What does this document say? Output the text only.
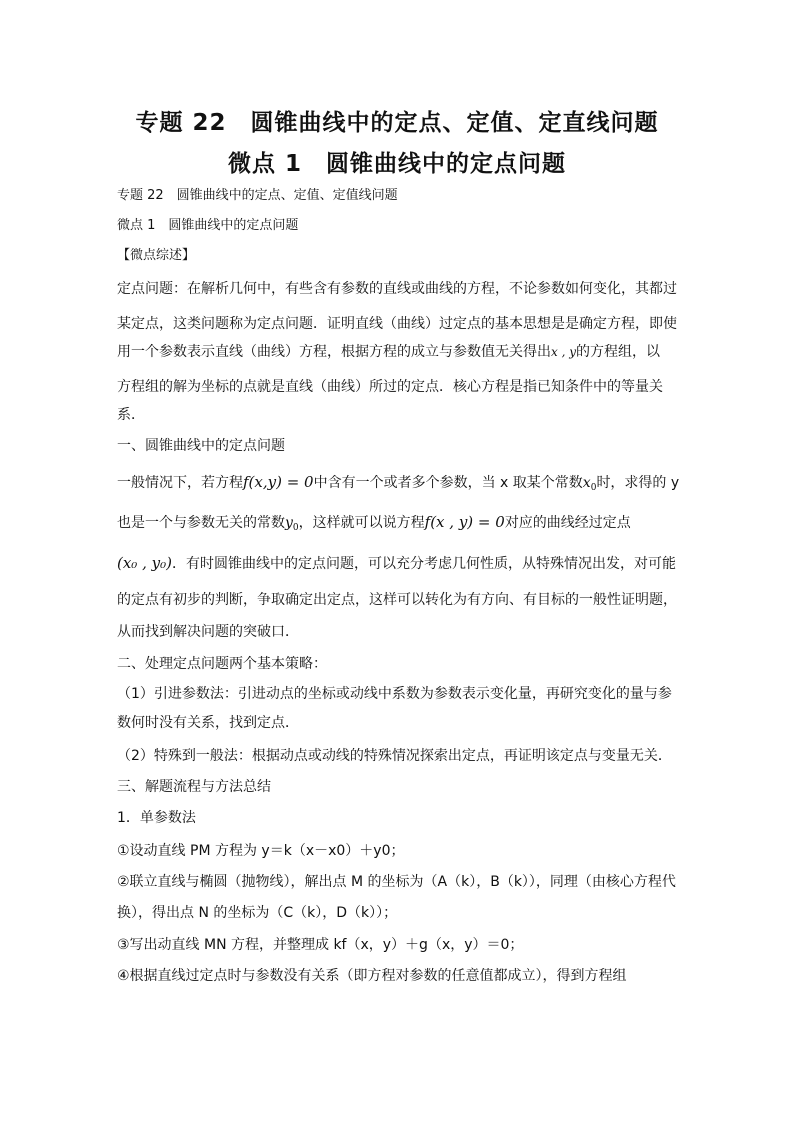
专题 22　圆锥曲线中的定点、定值、定直线问题
微点 1　圆锥曲线中的定点问题
专题 22　圆锥曲线中的定点、定值、定值线问题
微点 1　圆锥曲线中的定点问题
【微点综述】
定点问题：在解析几何中，有些含有参数的直线或曲线的方程，不论参数如何变化，其都过
某定点，这类问题称为定点问题．证明直线（曲线）过定点的基本思想是是确定方程，即使
用一个参数表示直线（曲线）方程，根据方程的成立与参数值无关得出x , y的方程组，以
方程组的解为坐标的点就是直线（曲线）所过的定点．核心方程是指已知条件中的等量关
系．
一、圆锥曲线中的定点问题
一般情况下，若方程f(x,y) = 0中含有一个或者多个参数，当 x 取某个常数$x_0$时，求得的 y
也是一个与参数无关的常数$y_0$，这样就可以说方程f(x , y) = 0对应的曲线经过定点
(x₀ , y₀)．有时圆锥曲线中的定点问题，可以充分考虑几何性质，从特殊情况出发，对可能
的定点有初步的判断，争取确定出定点，这样可以转化为有方向、有目标的一般性证明题，
从而找到解决问题的突破口．
二、处理定点问题两个基本策略：
（1）引进参数法：引进动点的坐标或动线中系数为参数表示变化量，再研究变化的量与参
数何时没有关系，找到定点．
（2）特殊到一般法：根据动点或动线的特殊情况探索出定点，再证明该定点与变量无关．
三、解题流程与方法总结
1．单参数法
①设动直线 PM 方程为 y＝k（x－x0）＋y0；
②联立直线与椭圆（抛物线），解出点 M 的坐标为（A（k），B（k）），同理（由核心方程代
换），得出点 N 的坐标为（C（k），D（k））；
③写出动直线 MN 方程，并整理成 kf（x，y）＋g（x，y）＝0；
④根据直线过定点时与参数没有关系（即方程对参数的任意值都成立），得到方程组
